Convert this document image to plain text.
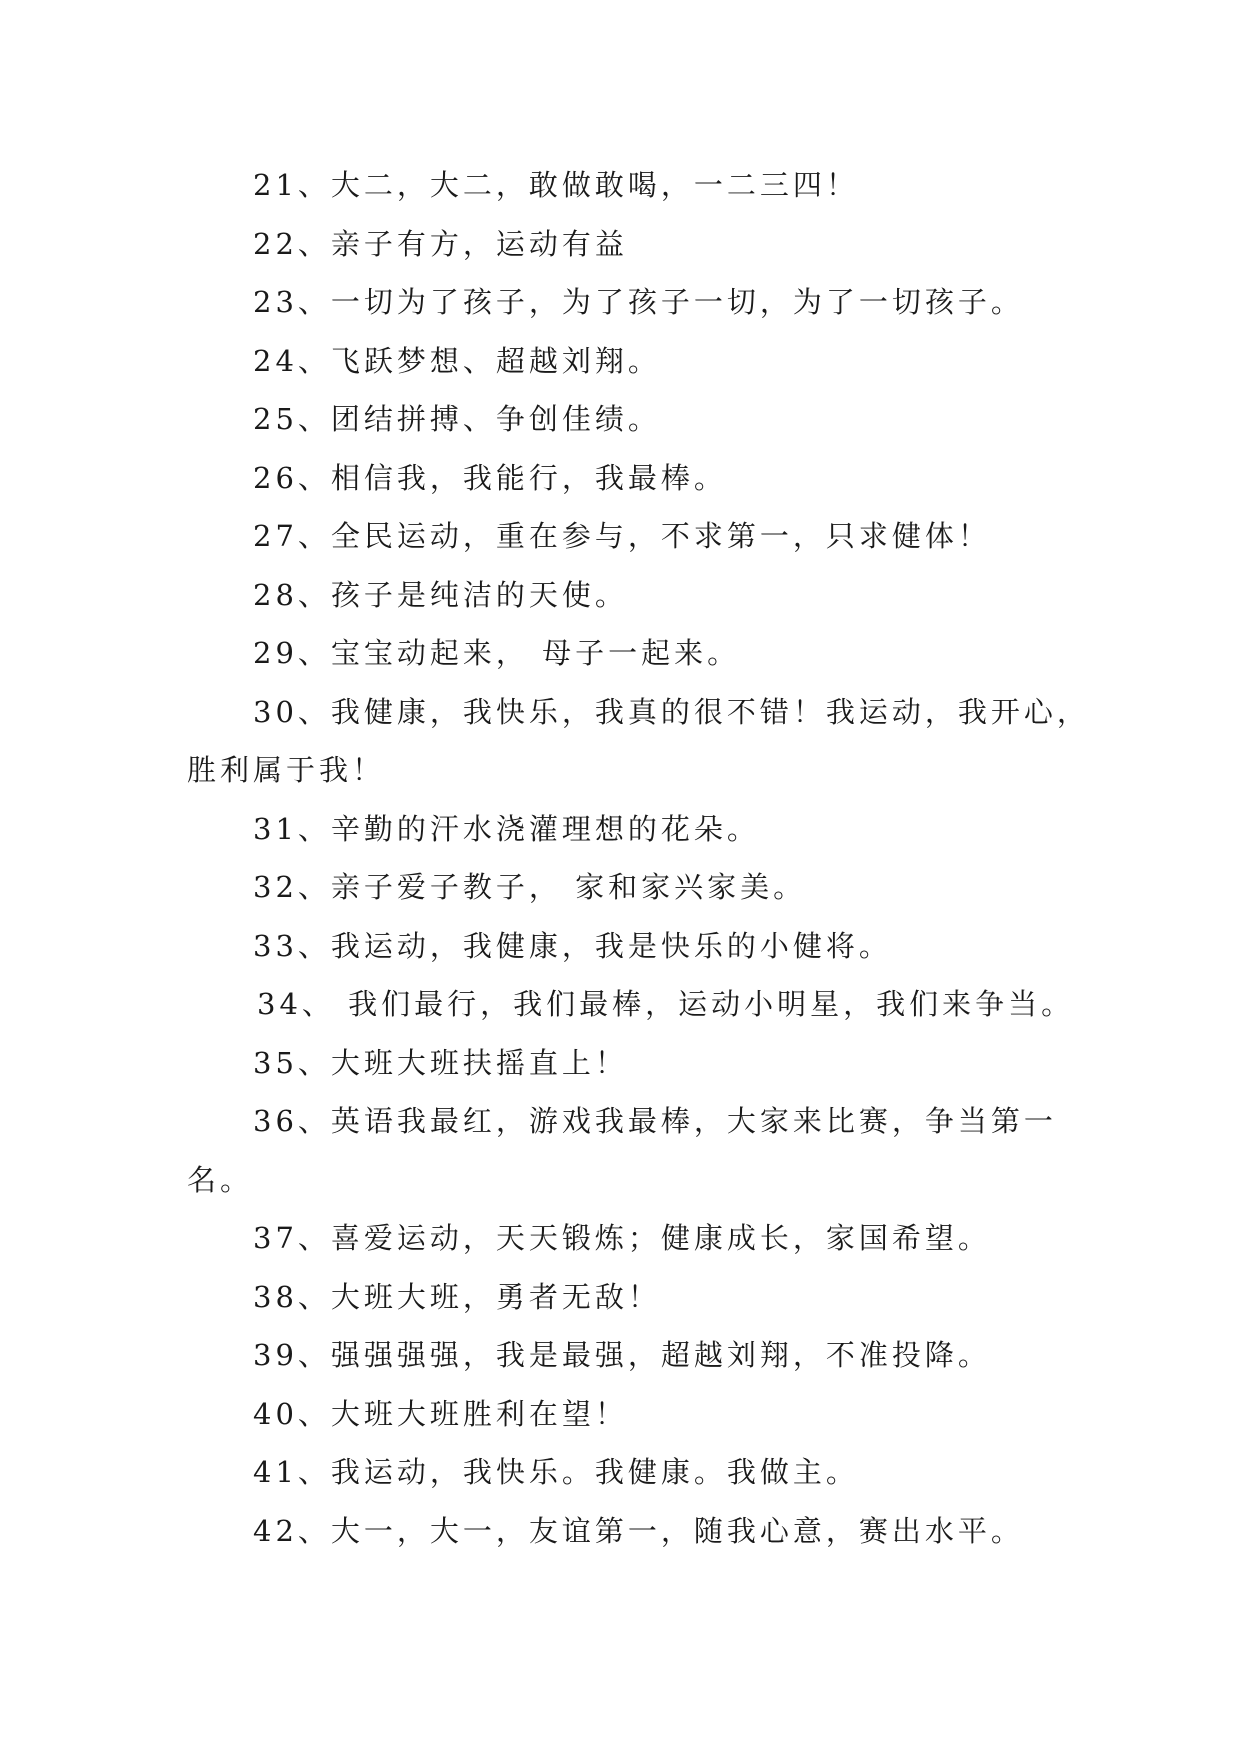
21、大二，大二，敢做敢喝，一二三四！
22、亲子有方，运动有益
23、一切为了孩子，为了孩子一切，为了一切孩子。
24、飞跃梦想、超越刘翔。
25、团结拼搏、争创佳绩。
26、相信我，我能行，我最棒。
27、全民运动，重在参与，不求第一，只求健体！
28、孩子是纯洁的天使。
29、宝宝动起来， 母子一起来。
30、我健康，我快乐，我真的很不错！我运动，我开心，
胜利属于我！
31、辛勤的汗水浇灌理想的花朵。
32、亲子爱子教子， 家和家兴家美。
33、我运动，我健康，我是快乐的小健将。
34、 我们最行，我们最棒，运动小明星，我们来争当。
35、大班大班扶摇直上！
36、英语我最红，游戏我最棒，大家来比赛，争当第一
名。
37、喜爱运动，天天锻炼；健康成长，家国希望。
38、大班大班，勇者无敌！
39、强强强强，我是最强，超越刘翔，不准投降。
40、大班大班胜利在望！
41、我运动，我快乐。我健康。我做主。
42、大一，大一，友谊第一，随我心意，赛出水平。
